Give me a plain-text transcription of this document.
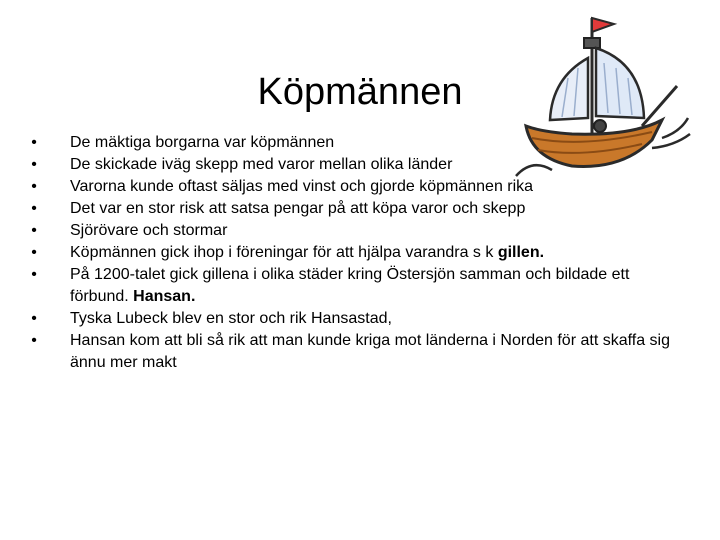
Köpmännen
• De mäktiga borgarna var köpmännen
• De skickade iväg skepp med varor mellan olika länder
• Varorna kunde oftast säljas med vinst och gjorde köpmännen rika
• Det var en stor risk att satsa pengar på att köpa varor och skepp
• Sjörövare och stormar
• Köpmännen gick ihop i föreningar för att hjälpa varandra s k gillen.
• På 1200-talet gick gillena i olika städer kring Östersjön samman och bildade ett förbund. Hansan.
• Tyska Lubeck blev en stor och rik Hansastad,
• Hansan kom att bli så rik att man kunde kriga mot länderna i Norden för att skaffa sig ännu mer makt
